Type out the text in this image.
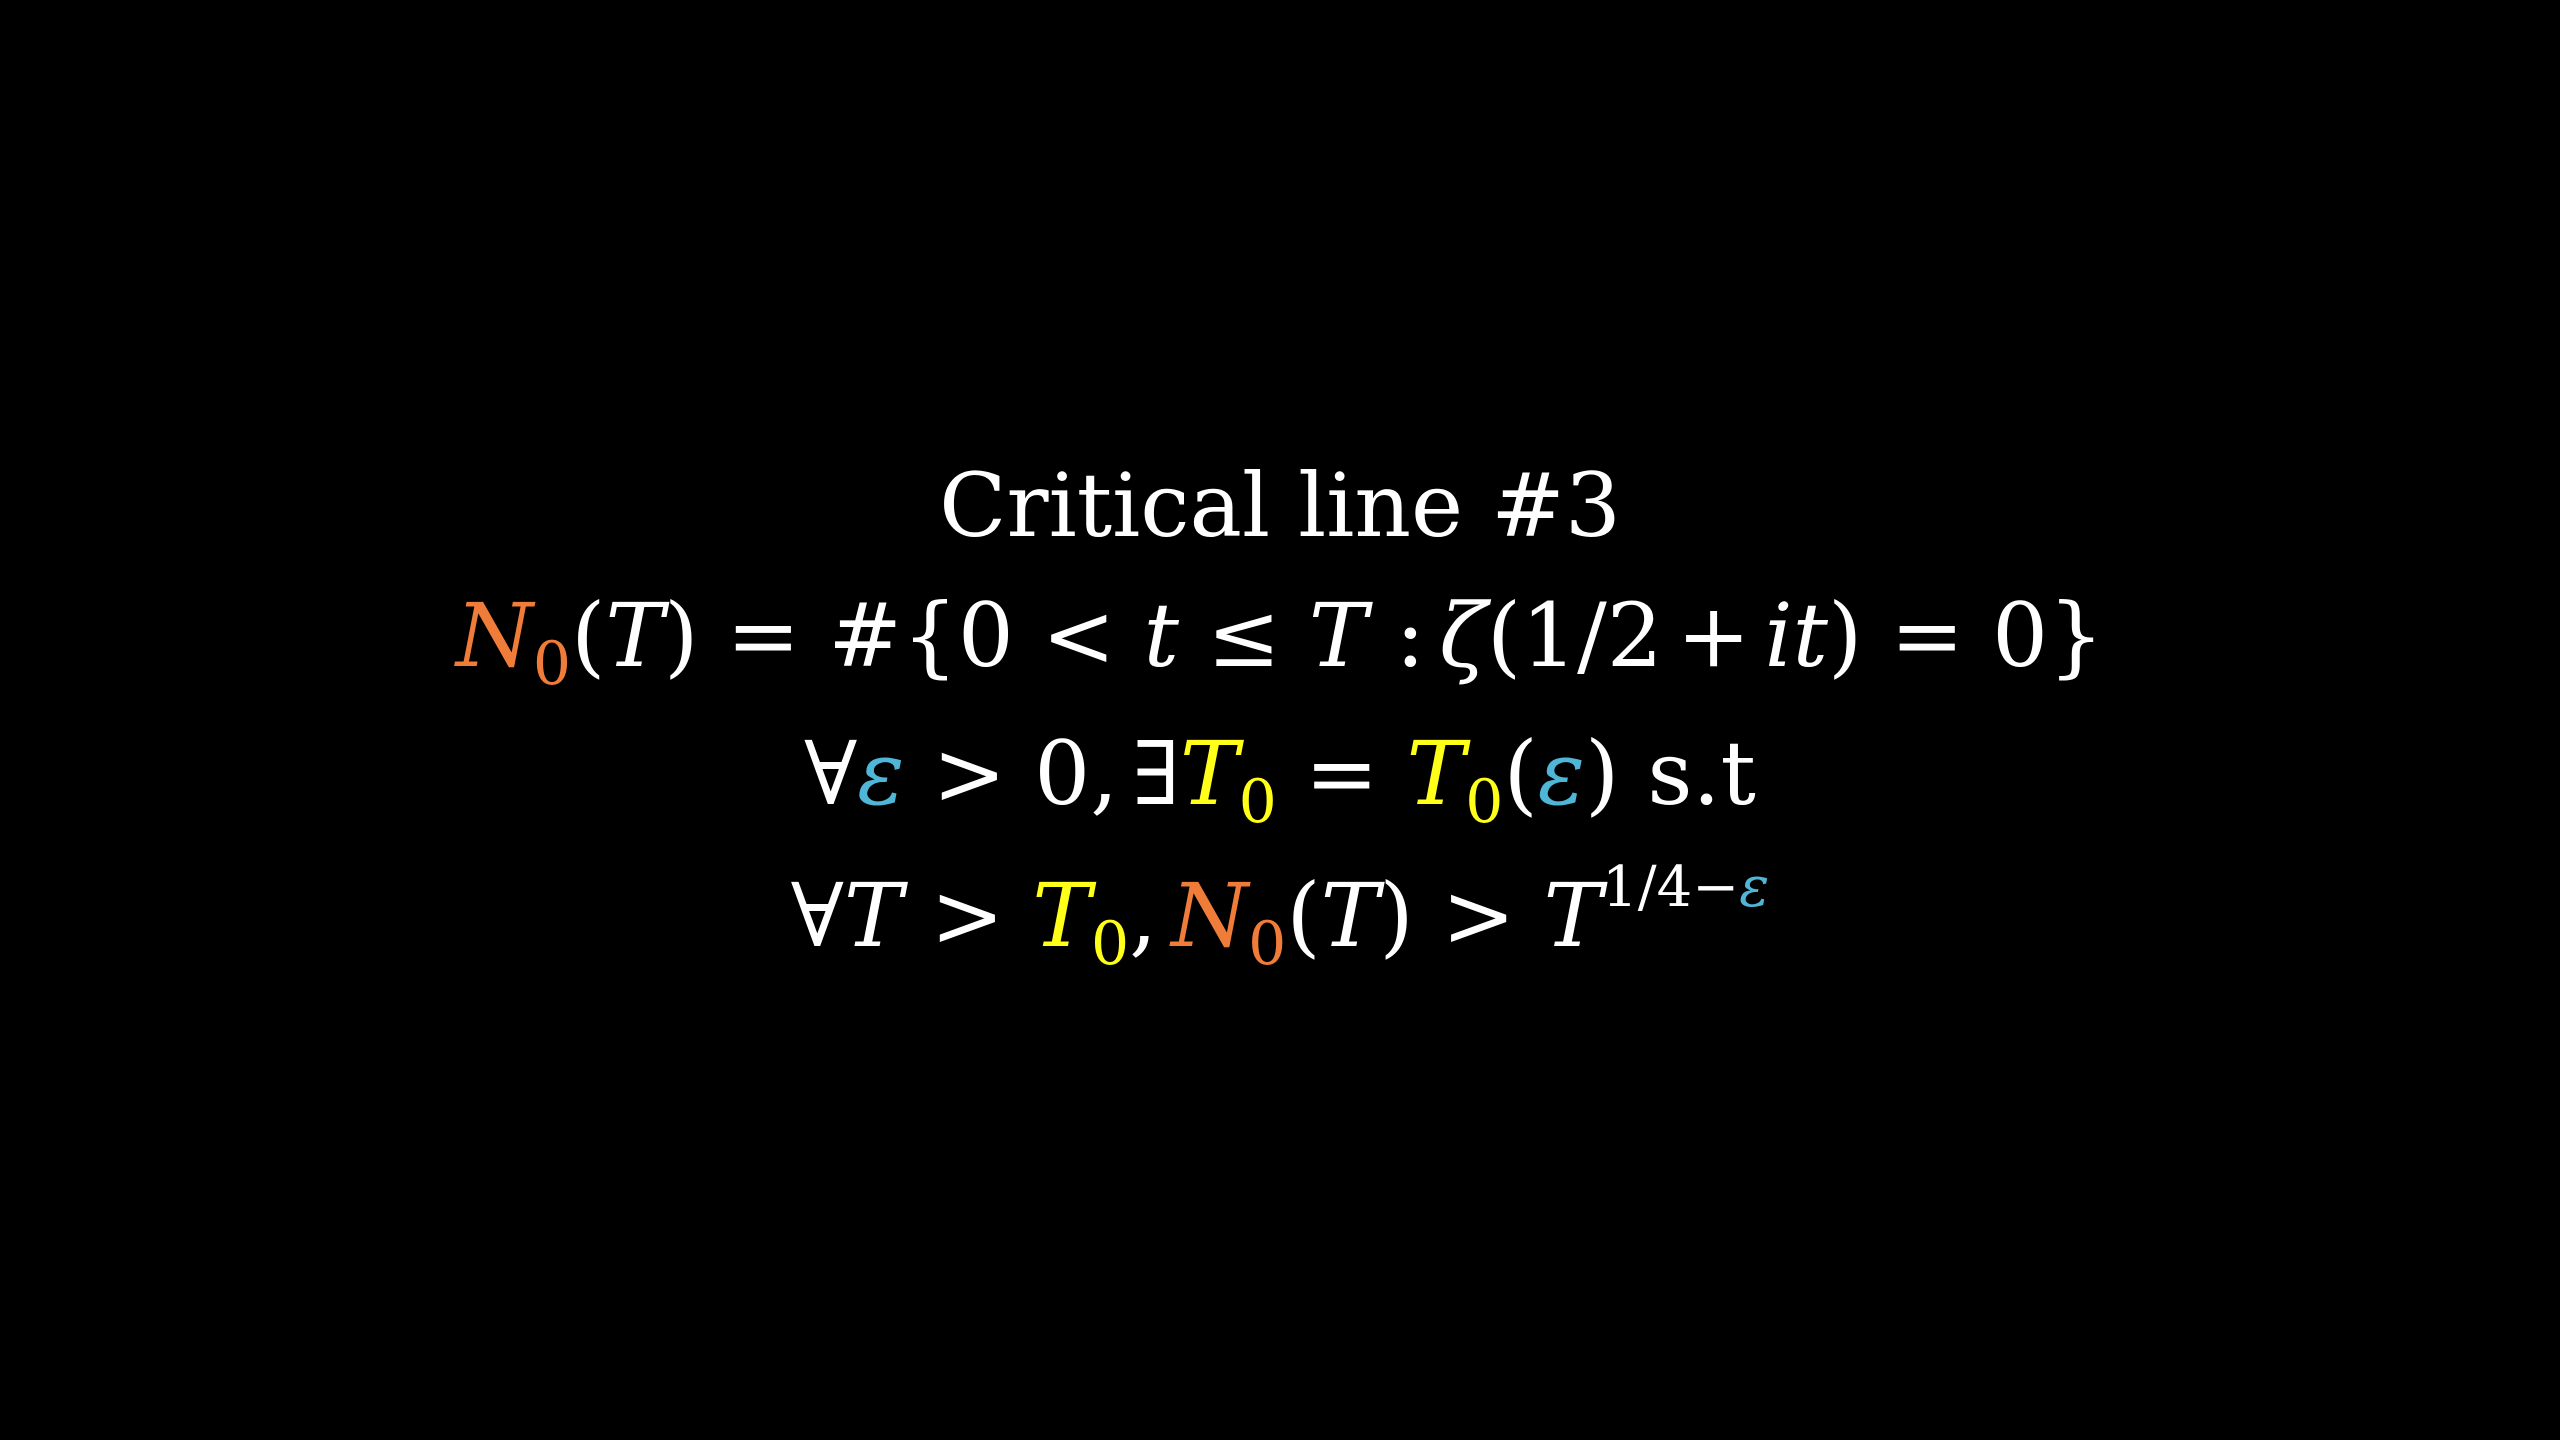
Critical line #3
$N_0(T)$ = #{0 < t ≤ T : ζ(1/2 + it) = 0}
∀ε > 0, $\exists T_0 = T_0(\varepsilon)$ s.t
∀T > $T_0$, $N_0(T) > T^{1/4-\varepsilon}$
